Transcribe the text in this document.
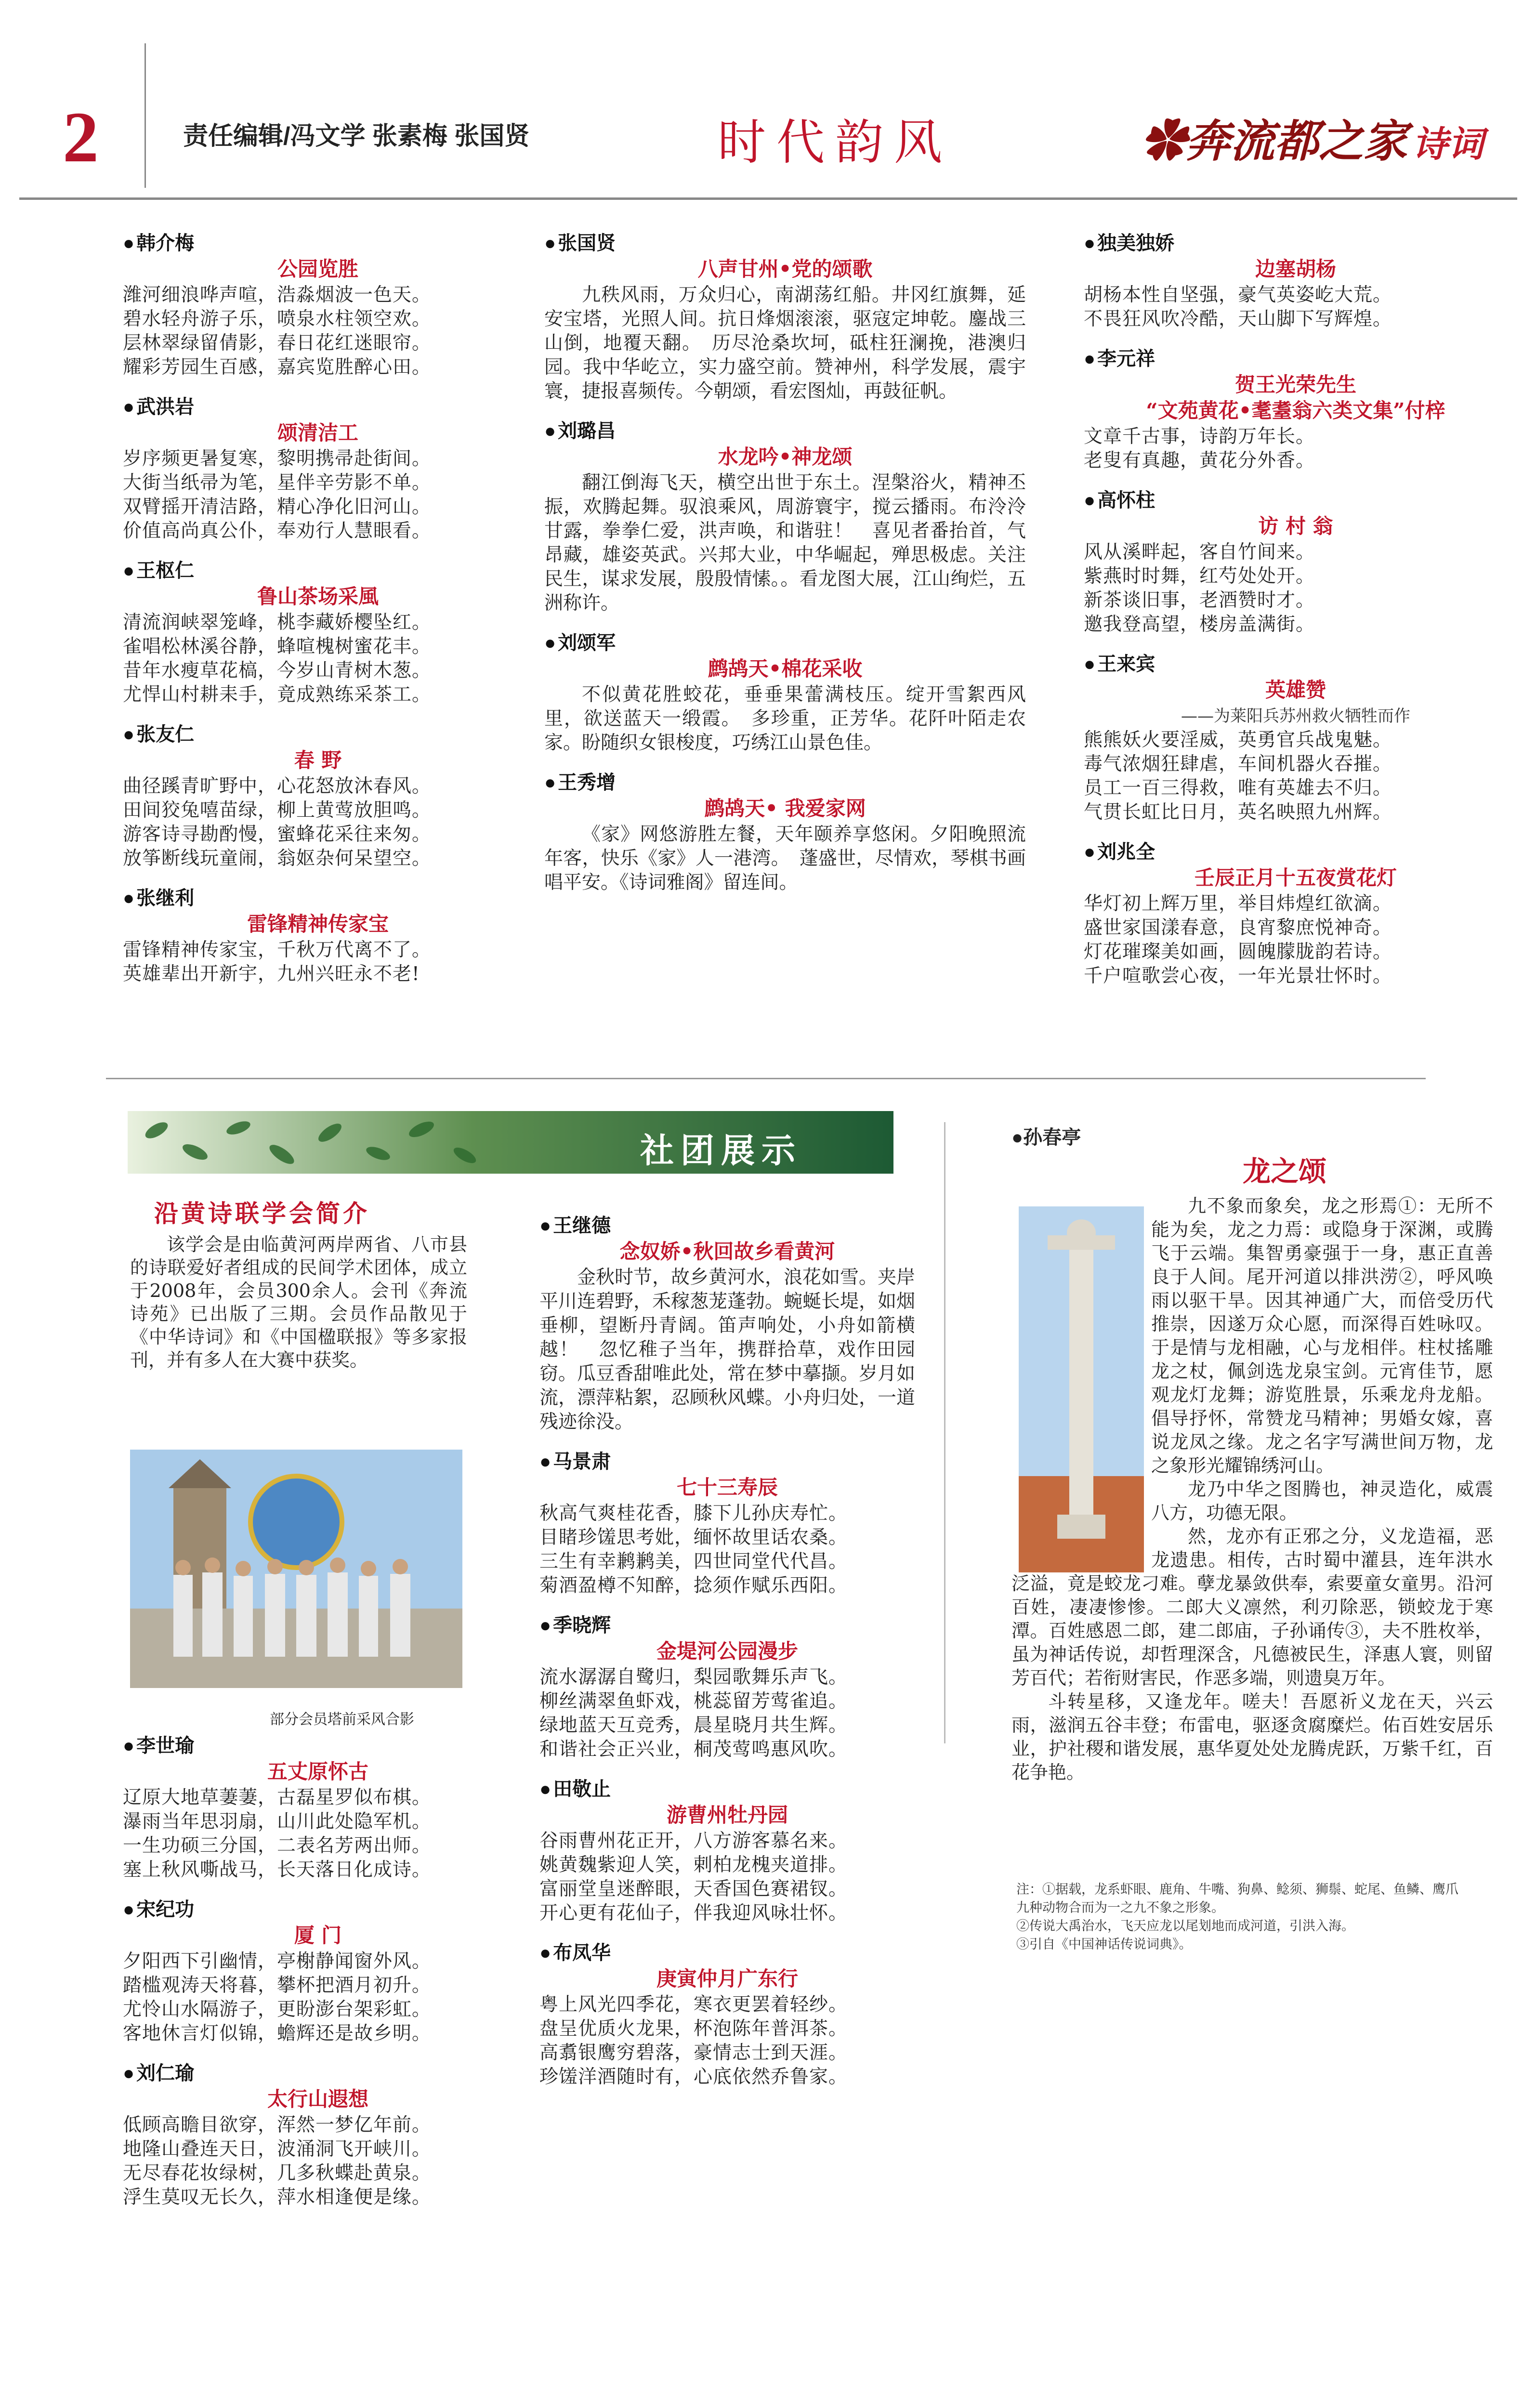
2	责任编辑/冯文学 张素梅 张国贤	时代韵风	✿奔流都之家 诗词
● 韩介梅
公园览胜
潍河细浪哗声喧，浩淼烟波一色天。
碧水轻舟游子乐，喷泉水柱领空欢。
层林翠绿留倩影，春日花红迷眼帘。
耀彩芳园生百感，嘉宾览胜醉心田。
● 武洪岩
颂清洁工
岁序频更暑复寒，黎明携帚赴街间。
大街当纸帚为笔，星伴辛劳影不单。
双臂摇开清洁路，精心净化旧河山。
价值高尚真公仆，奉劝行人慧眼看。
● 王枢仁
鲁山茶场采風
清流润峡翠笼峰，桃李藏娇樱坠红。
雀唱松林溪谷静，蜂喧槐树蜜花丰。
昔年水瘦草花槁，今岁山青树木葱。
尤悍山村耕耒手，竟成熟练采茶工。
● 张友仁
春 野
曲径蹊青旷野中，心花怒放沐春风。
田间狡兔嘻苗绿，柳上黄莺放胆鸣。
游客诗寻勘酌慢，蜜蜂花采往来匆。
放筝断线玩童闹，翁妪杂何呆望空。
● 张继利
雷锋精神传家宝
雷锋精神传家宝，千秋万代离不了。
英雄辈出开新宇，九州兴旺永不老!
● 张国贤
八声甘州•党的颂歌

九秩风雨，万众归心，南湖荡红船。井冈红旗舞，延安宝塔，光照人间。抗日烽烟滚滚，驱寇定坤乾。鏖战三山倒，地覆天翻。　历尽沧桑坎坷，砥柱狂澜挽，港澳归园。我中华屹立，实力盛空前。赞神州，科学发展，震宇寰，捷报喜频传。今朝颂，看宏图灿，再鼓征帆。

● 刘璐昌
水龙吟•神龙颂

翻江倒海飞天，横空出世于东土。涅槃浴火，精神丕振，欢腾起舞。驭浪乘风，周游寰宇，搅云播雨。布泠泠甘露，拳拳仁爱，洪声唤，和谐驻！　喜见者番抬首，气昂藏，雄姿英武。兴邦大业，中华崛起，殚思极虑。关注民生，谋求发展，殷殷情愫。。看龙图大展，江山绚烂，五洲称许。

● 刘颂军
鹧鸪天•棉花采收

不似黄花胜蛟花，垂垂果蕾满枝压。绽开雪絮西风里，欲送蓝天一缎霞。　多珍重，正芳华。花阡叶陌走农家。盼随织女银梭度，巧绣江山景色佳。

● 王秀增
鹧鸪天• 我爱家网

《家》网悠游胜左餐，天年颐养享悠闲。夕阳晚照流年客，快乐《家》人一港湾。　蓬盛世，尽情欢，琴棋书画唱平安。《诗词雅阁》留连间。

● 独美独娇
边塞胡杨
胡杨本性自坚强，豪气英姿屹大荒。
不畏狂风吹冷酷，天山脚下写辉煌。
● 李元祥
贺王光荣先生
“文苑黄花•耄耋翁六类文集”付梓
文章千古事，诗韵万年长。
老叟有真趣，黄花分外香。
● 高怀柱
访 村 翁
风从溪畔起，客自竹间来。
紫燕时时舞，红芍处处开。
新茶谈旧事，老酒赞时才。
邀我登高望，楼房盖满街。
● 王来宾
英雄赞
——为莱阳兵苏州救火牺牲而作
熊熊妖火要淫威，英勇官兵战鬼魅。
毒气浓烟狂肆虐，车间机器火吞摧。
员工一百三得救，唯有英雄去不归。
气贯长虹比日月，英名映照九州辉。
● 刘兆全
壬辰正月十五夜赏花灯
华灯初上辉万里，举目炜煌红欲滴。
盛世家国漾春意，良宵黎庶悦神奇。
灯花璀璨美如画，圆魄朦胧韵若诗。
千户喧歌尝心夜，一年光景壮怀时。
社团展示
沿黄诗联学会简介

该学会是由临黄河两岸两省、八市县的诗联爱好者组成的民间学术团体，成立于2008年，会员300余人。会刊《奔流诗苑》已出版了三期。会员作品散见于《中华诗词》和《中国楹联报》等多家报刊，并有多人在大赛中获奖。

部分会员塔前采风合影
● 李世瑜
五丈原怀古
辽原大地草萋萋，古磊星罗似布棋。
瀑雨当年思羽扇，山川此处隐军机。
一生功硕三分国，二表名芳两出师。
塞上秋风嘶战马，长天落日化成诗。
● 宋纪功
厦 门
夕阳西下引幽情，亭榭静闻窗外风。
踏槛观涛天将暮，攀杯把酒月初升。
尤怜山水隔游子，更盼澎台架彩虹。
客地休言灯似锦，蟾辉还是故乡明。
● 刘仁瑜
太行山遐想
低顾高瞻目欲穿，浑然一梦亿年前。
地隆山叠连天日，波涌洞飞开峡川。
无尽春花妆绿树，几多秋蝶赴黄泉。
浮生莫叹无长久，萍水相逢便是缘。
● 王继德
念奴娇•秋回故乡看黄河

金秋时节，故乡黄河水，浪花如雪。夹岸平川连碧野，禾稼葱茏蓬勃。蜿蜒长堤，如烟垂柳，望断丹青阔。笛声响处，小舟如箭横越！　忽忆稚子当年，携群拾草，戏作田园窃。瓜豆香甜唯此处，常在梦中摹撷。岁月如流，漂萍粘絮，忍顾秋风蝶。小舟归处，一道残迹徐没。

● 马景肃
七十三寿辰
秋高气爽桂花香，膝下儿孙庆寿忙。
目睹珍馐思考妣，缅怀故里话农桑。
三生有幸鹣鹣美，四世同堂代代昌。
菊酒盈樽不知醉，捻须作赋乐西阳。
● 季晓辉
金堤河公园漫步
流水潺潺自鹭归，梨园歌舞乐声飞。
柳丝满翠鱼虾戏，桃蕊留芳莺雀追。
绿地蓝天互竞秀，晨星晓月共生辉。
和谐社会正兴业，桐茂莺鸣惠风吹。
● 田敬止
游曹州牡丹园
谷雨曹州花正开，八方游客慕名来。
姚黄魏紫迎人笑，剌柏龙槐夹道排。
富丽堂皇迷醉眼，天香国色赛裙钗。
开心更有花仙子，伴我迎风咏壮怀。
● 布凤华
庚寅仲月广东行
粤上风光四季花，寒衣更罢着轻纱。
盘呈优质火龙果，杯泡陈年普洱茶。
高翥银鹰穷碧落，豪情志士到天涯。
珍馐洋酒随时有，心底依然乔鲁家。
●孙春亭
龙之颂

九不象而象矣，龙之形焉①：无所不能为矣，龙之力焉：或隐身于深渊，或腾飞于云端。集智勇豪强于一身，惠正直善良于人间。尾开河道以排洪涝②，呼风唤雨以驱干旱。因其神通广大，而倍受历代推崇，因遂万众心愿，而深得百姓咏叹。于是情与龙相融，心与龙相伴。柱杖搖雕龙之杖，佩剑选龙泉宝剑。元宵佳节，愿观龙灯龙舞；游览胜景，乐乘龙舟龙船。倡导抒怀，常赞龙马精神；男婚女嫁，喜说龙凤之缘。龙之名字写满世间万物，龙之象形光耀锦绣河山。

龙乃中华之图腾也，神灵造化，威震八方，功德无限。

然，龙亦有正邪之分，义龙造福，恶龙遗患。相传，古时蜀中灌县，连年洪水泛溢，竟是蛟龙刁难。孽龙暴敛供奉，索要童女童男。沿河百姓，凄凄惨惨。二郎大义凛然，利刃除恶，锁蛟龙于寒潭。百姓感恩二郎，建二郎庙，子孙诵传③，夫不胜枚举，虽为神话传说，却哲理深含，凡德被民生，泽惠人寰，则留芳百代；若衔财害民，作恶多端，则遗臭万年。

斗转星移，又逢龙年。嗟夫！吾愿祈义龙在天，兴云雨，滋润五谷丰登；布雷电，驱逐贪腐糜烂。佑百姓安居乐业，护社稷和谐发展，惠华夏处处龙腾虎跃，万紫千红，百花争艳。

注：①据载，龙系虾眼、鹿角、牛嘴、狗鼻、鲶须、狮鬃、蛇尾、鱼鳞、鹰爪九种动物合而为一之九不象之形象。
②传说大禹治水，飞天应龙以尾划地而成河道，引洪入海。
③引自《中国神话传说词典》。
